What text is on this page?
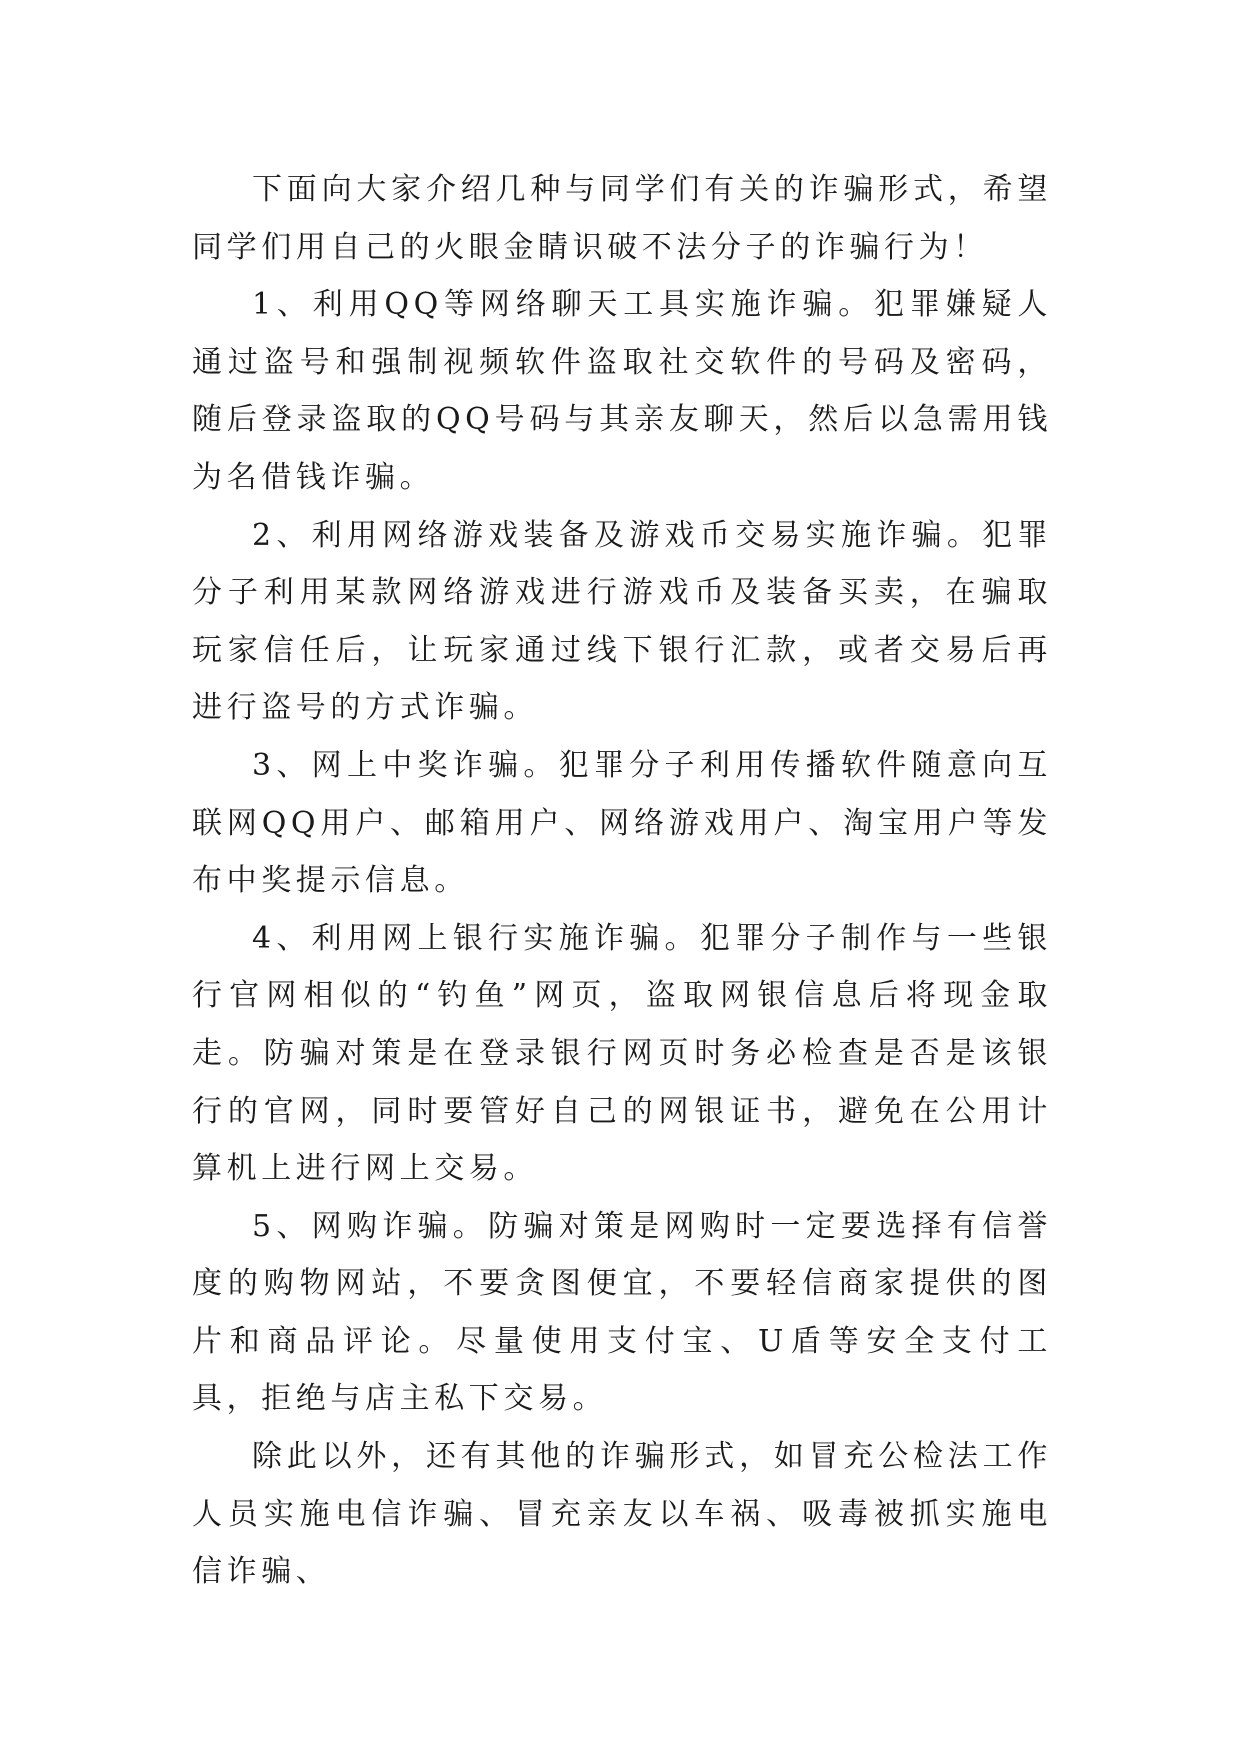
下面向大家介绍几种与同学们有关的诈骗形式，希望同学们用自己的火眼金睛识破不法分子的诈骗行为！

1、利用QQ等网络聊天工具实施诈骗。犯罪嫌疑人通过盗号和强制视频软件盗取社交软件的号码及密码，随后登录盗取的QQ号码与其亲友聊天，然后以急需用钱为名借钱诈骗。

2、利用网络游戏装备及游戏币交易实施诈骗。犯罪分子利用某款网络游戏进行游戏币及装备买卖，在骗取玩家信任后，让玩家通过线下银行汇款，或者交易后再进行盗号的方式诈骗。

3、网上中奖诈骗。犯罪分子利用传播软件随意向互联网QQ用户、邮箱用户、网络游戏用户、淘宝用户等发布中奖提示信息。

4、利用网上银行实施诈骗。犯罪分子制作与一些银行官网相似的“钓鱼”网页，盗取网银信息后将现金取走。防骗对策是在登录银行网页时务必检查是否是该银行的官网，同时要管好自己的网银证书，避免在公用计算机上进行网上交易。

5、网购诈骗。防骗对策是网购时一定要选择有信誉度的购物网站，不要贪图便宜，不要轻信商家提供的图片和商品评论。尽量使用支付宝、U盾等安全支付工具，拒绝与店主私下交易。

除此以外，还有其他的诈骗形式，如冒充公检法工作人员实施电信诈骗、冒充亲友以车祸、吸毒被抓实施电信诈骗、
